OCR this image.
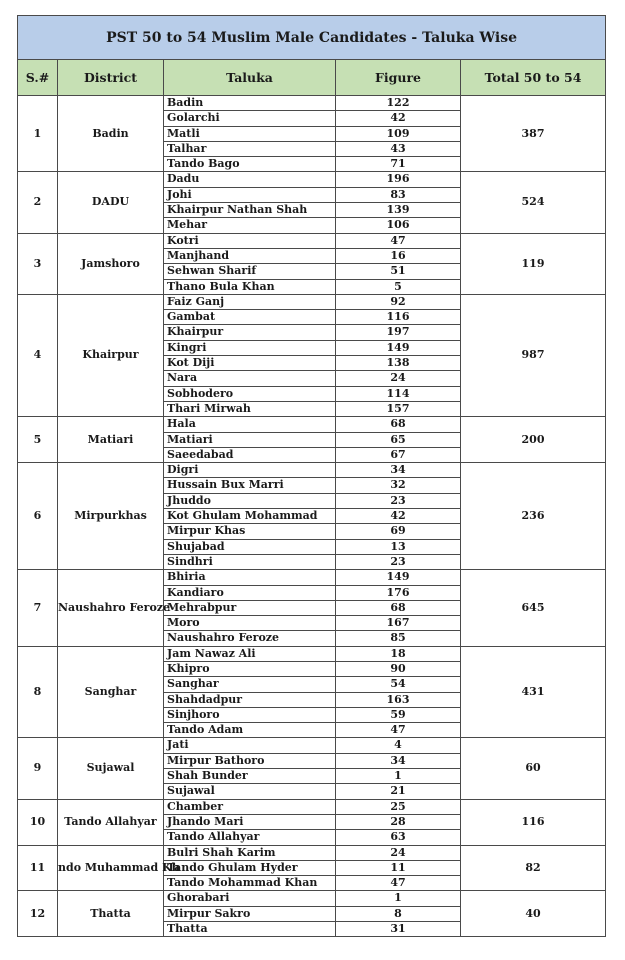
PST 50 to 54 Muslim Male Candidates - Taluka Wise				
S.#	District	Taluka	Figure	Total 50 to 54
1	Badin	Badin	122	387
		Golarchi	42	
		Matli	109	
		Talhar	43	
		Tando Bago	71	
2	DADU	Dadu	196	524
		Johi	83	
		Khairpur Nathan Shah	139	
		Mehar	106	
3	Jamshoro	Kotri	47	119
		Manjhand	16	
		Sehwan Sharif	51	
		Thano Bula Khan	5	
4	Khairpur	Faiz Ganj	92	987
		Gambat	116	
		Khairpur	197	
		Kingri	149	
		Kot Diji	138	
		Nara	24	
		Sobhodero	114	
		Thari Mirwah	157	
5	Matiari	Hala	68	200
		Matiari	65	
		Saeedabad	67	
6	Mirpurkhas	Digri	34	236
		Hussain Bux Marri	32	
		Jhuddo	23	
		Kot Ghulam Mohammad	42	
		Mirpur Khas	69	
		Shujabad	13	
		Sindhri	23	
7	Naushahro Feroze	Bhiria	149	645
		Kandiaro	176	
		Mehrabpur	68	
		Moro	167	
		Naushahro Feroze	85	
8	Sanghar	Jam Nawaz Ali	18	431
		Khipro	90	
		Sanghar	54	
		Shahdadpur	163	
		Sinjhoro	59	
		Tando Adam	47	
9	Sujawal	Jati	4	60
		Mirpur Bathoro	34	
		Shah Bunder	1	
		Sujawal	21	
10	Tando Allahyar	Chamber	25	116
		Jhando Mari	28	
		Tando Allahyar	63	
11	ndo Muhammad Kh	Bulri Shah Karim	24	82
		Tando Ghulam Hyder	11	
		Tando Mohammad Khan	47	
12	Thatta	Ghorabari	1	40
		Mirpur Sakro	8	
		Thatta	31	
